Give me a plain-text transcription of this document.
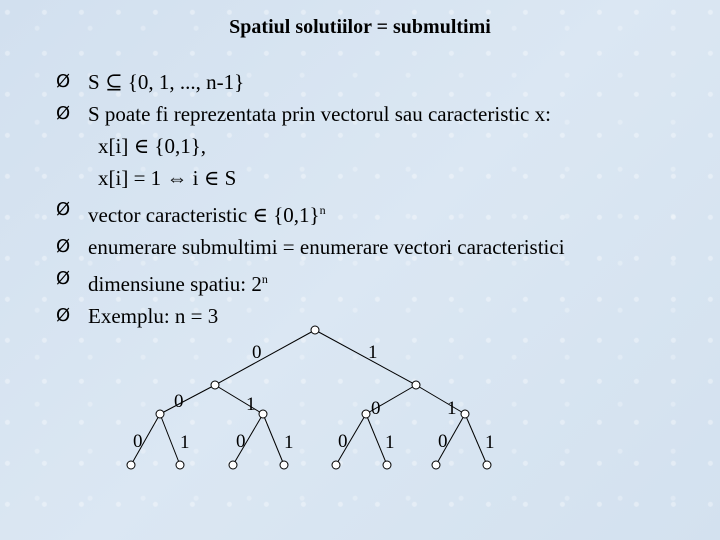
Spatiul solutiilor = submultimi
Ø S ⊆ {0, 1, ..., n-1}
Ø S poate fi reprezentata prin vectorul sau caracteristic x:
x[i] ∈ {0,1},
x[i] = 1 ⇔ i ∈ S
Ø vector caracteristic ∈ $\{0,1\}^n$
Ø enumerare submultimi = enumerare vectori caracteristici
Ø dimensiune spatiu: 2$^n$
Ø Exemplu: n = 3
0	1
0	1	0	1
0 1 0 1 0 1 0 1
